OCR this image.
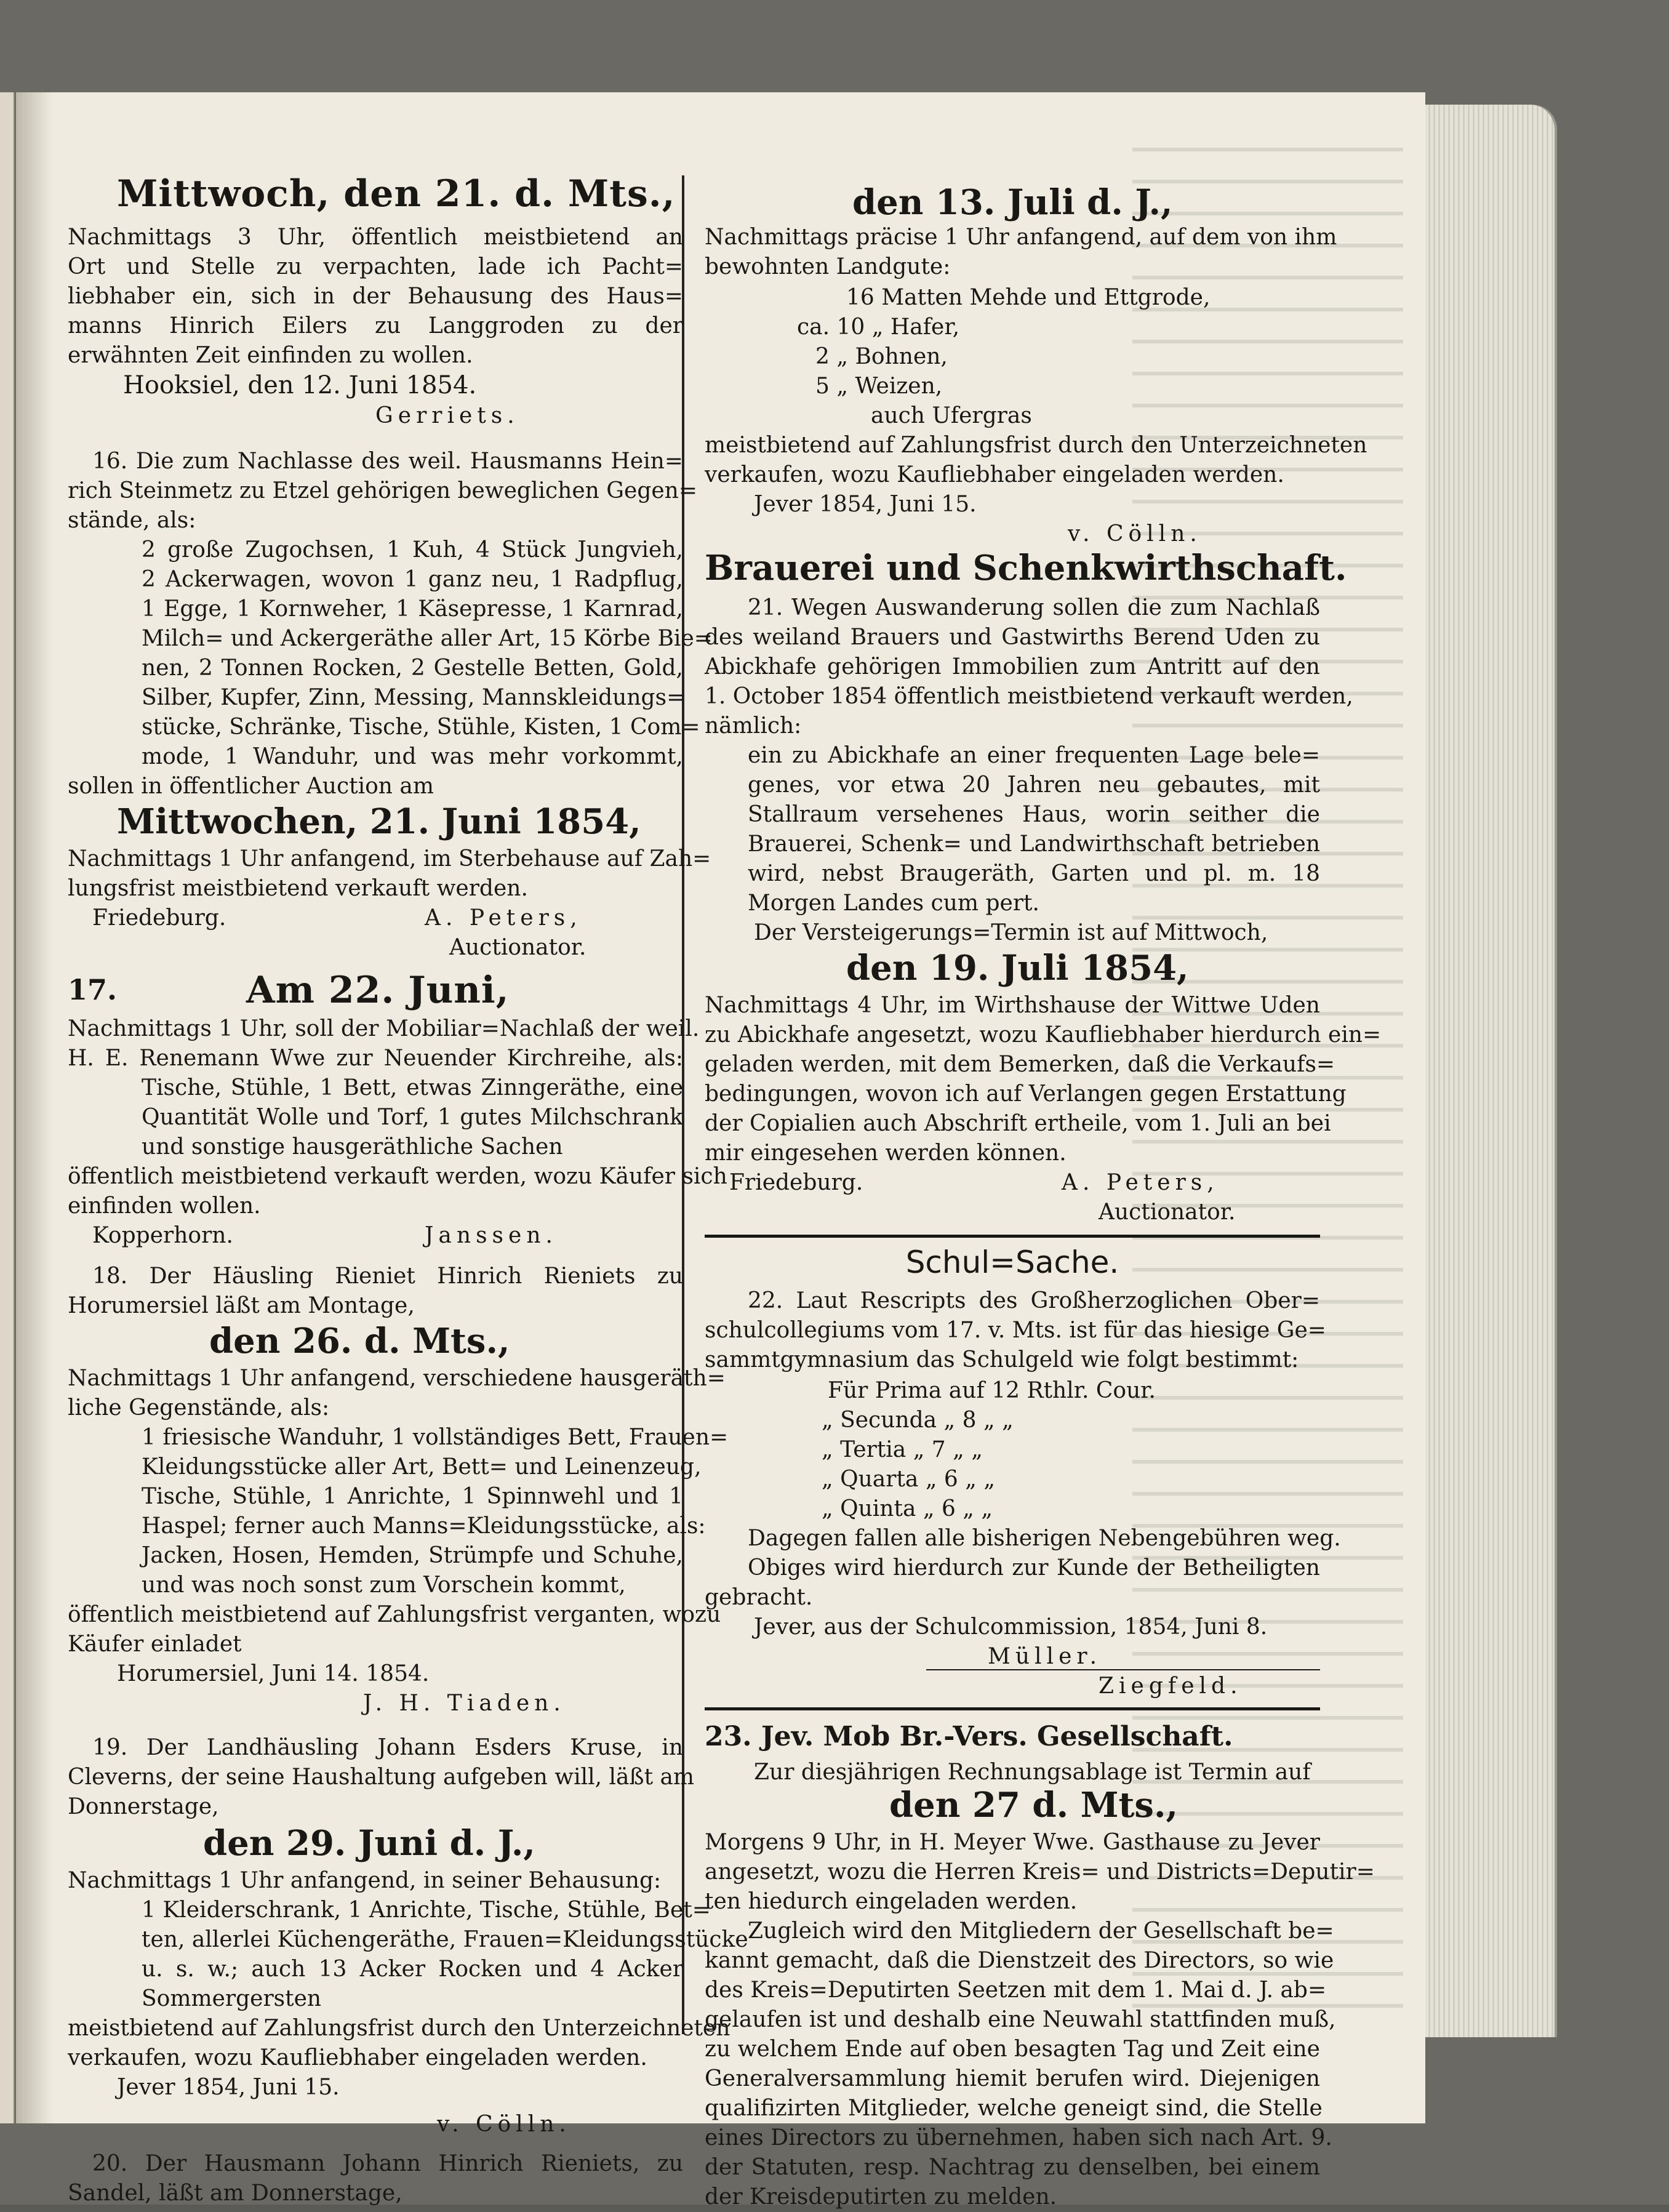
Mittwoch, den 21. d. Mts.,
Nachmittags 3 Uhr, öffentlich meistbietend an
Ort und Stelle zu verpachten, lade ich Pacht=
liebhaber ein, sich in der Behausung des Haus=
manns Hinrich Eilers zu Langgroden zu der
erwähnten Zeit einfinden zu wollen.
Hooksiel, den 12. Juni 1854.
Gerriets.
16. Die zum Nachlasse des weil. Hausmanns Hein=
rich Steinmetz zu Etzel gehörigen beweglichen Gegen=
stände, als:
2 große Zugochsen, 1 Kuh, 4 Stück Jungvieh,
2 Ackerwagen, wovon 1 ganz neu, 1 Radpflug,
1 Egge, 1 Kornweher, 1 Käsepresse, 1 Karnrad,
Milch= und Ackergeräthe aller Art, 15 Körbe Bie=
nen, 2 Tonnen Rocken, 2 Gestelle Betten, Gold,
Silber, Kupfer, Zinn, Messing, Mannskleidungs=
stücke, Schränke, Tische, Stühle, Kisten, 1 Com=
mode, 1 Wanduhr, und was mehr vorkommt,
sollen in öffentlicher Auction am
Mittwochen, 21. Juni 1854,
Nachmittags 1 Uhr anfangend, im Sterbehause auf Zah=
lungsfrist meistbietend verkauft werden.
Friedeburg.	A. Peters,
Auctionator.
17.	Am 22. Juni,
Nachmittags 1 Uhr, soll der Mobiliar=Nachlaß der weil.
H. E. Renemann Wwe zur Neuender Kirchreihe, als:
Tische, Stühle, 1 Bett, etwas Zinngeräthe, eine
Quantität Wolle und Torf, 1 gutes Milchschrank
und sonstige hausgeräthliche Sachen
öffentlich meistbietend verkauft werden, wozu Käufer sich
einfinden wollen.
Kopperhorn.	Janssen.
18. Der Häusling Rieniet Hinrich Rieniets zu
Horumersiel läßt am Montage,
den 26. d. Mts.,
Nachmittags 1 Uhr anfangend, verschiedene hausgeräth=
liche Gegenstände, als:
1 friesische Wanduhr, 1 vollständiges Bett, Frauen=
Kleidungsstücke aller Art, Bett= und Leinenzeug,
Tische, Stühle, 1 Anrichte, 1 Spinnwehl und 1
Haspel; ferner auch Manns=Kleidungsstücke, als:
Jacken, Hosen, Hemden, Strümpfe und Schuhe,
und was noch sonst zum Vorschein kommt,
öffentlich meistbietend auf Zahlungsfrist verganten, wozu
Käufer einladet
Horumersiel, Juni 14. 1854.
J. H. Tiaden.
19. Der Landhäusling Johann Esders Kruse, in
Cleverns, der seine Haushaltung aufgeben will, läßt am
Donnerstage,
den 29. Juni d. J.,
Nachmittags 1 Uhr anfangend, in seiner Behausung:
1 Kleiderschrank, 1 Anrichte, Tische, Stühle, Bet=
ten, allerlei Küchengeräthe, Frauen=Kleidungsstücke
u. s. w.; auch 13 Acker Rocken und 4 Acker
Sommergersten
meistbietend auf Zahlungsfrist durch den Unterzeichneten
verkaufen, wozu Kaufliebhaber eingeladen werden.
Jever 1854, Juni 15.
v. Cölln.
20. Der Hausmann Johann Hinrich Rieniets, zu
Sandel, läßt am Donnerstage,
den 13. Juli d. J.,
Nachmittags präcise 1 Uhr anfangend, auf dem von ihm
bewohnten Landgute:
16 Matten Mehde und Ettgrode,
ca. 10 „ Hafer,
2 „ Bohnen,
5 „ Weizen,
auch Ufergras
meistbietend auf Zahlungsfrist durch den Unterzeichneten
verkaufen, wozu Kaufliebhaber eingeladen werden.
Jever 1854, Juni 15.
v. Cölln.
Brauerei und Schenkwirthschaft.
21. Wegen Auswanderung sollen die zum Nachlaß
des weiland Brauers und Gastwirths Berend Uden zu
Abickhafe gehörigen Immobilien zum Antritt auf den
1. October 1854 öffentlich meistbietend verkauft werden,
nämlich:
ein zu Abickhafe an einer frequenten Lage bele=
genes, vor etwa 20 Jahren neu gebautes, mit
Stallraum versehenes Haus, worin seither die
Brauerei, Schenk= und Landwirthschaft betrieben
wird, nebst Braugeräth, Garten und pl. m. 18
Morgen Landes cum pert.
Der Versteigerungs=Termin ist auf Mittwoch,
den 19. Juli 1854,
Nachmittags 4 Uhr, im Wirthshause der Wittwe Uden
zu Abickhafe angesetzt, wozu Kaufliebhaber hierdurch ein=
geladen werden, mit dem Bemerken, daß die Verkaufs=
bedingungen, wovon ich auf Verlangen gegen Erstattung
der Copialien auch Abschrift ertheile, vom 1. Juli an bei
mir eingesehen werden können.
Friedeburg.	A. Peters,
Auctionator.
Schul=Sache.
22. Laut Rescripts des Großherzoglichen Ober=
schulcollegiums vom 17. v. Mts. ist für das hiesige Ge=
sammtgymnasium das Schulgeld wie folgt bestimmt:
Für Prima auf 12 Rthlr. Cour.
„ Secunda „ 8 „ „
„ Tertia „ 7 „ „
„ Quarta „ 6 „ „
„ Quinta „ 6 „ „
Dagegen fallen alle bisherigen Nebengebühren weg.
Obiges wird hierdurch zur Kunde der Betheiligten
gebracht.
Jever, aus der Schulcommission, 1854, Juni 8.
Müller.
Ziegfeld.
23. Jev. Mob Br.-Vers. Gesellschaft.
Zur diesjährigen Rechnungsablage ist Termin auf
den 27 d. Mts.,
Morgens 9 Uhr, in H. Meyer Wwe. Gasthause zu Jever
angesetzt, wozu die Herren Kreis= und Districts=Deputir=
ten hiedurch eingeladen werden.
Zugleich wird den Mitgliedern der Gesellschaft be=
kannt gemacht, daß die Dienstzeit des Directors, so wie
des Kreis=Deputirten Seetzen mit dem 1. Mai d. J. ab=
gelaufen ist und deshalb eine Neuwahl stattfinden muß,
zu welchem Ende auf oben besagten Tag und Zeit eine
Generalversammlung hiemit berufen wird. Diejenigen
qualifizirten Mitglieder, welche geneigt sind, die Stelle
eines Directors zu übernehmen, haben sich nach Art. 9.
der Statuten, resp. Nachtrag zu denselben, bei einem
der Kreisdeputirten zu melden.
